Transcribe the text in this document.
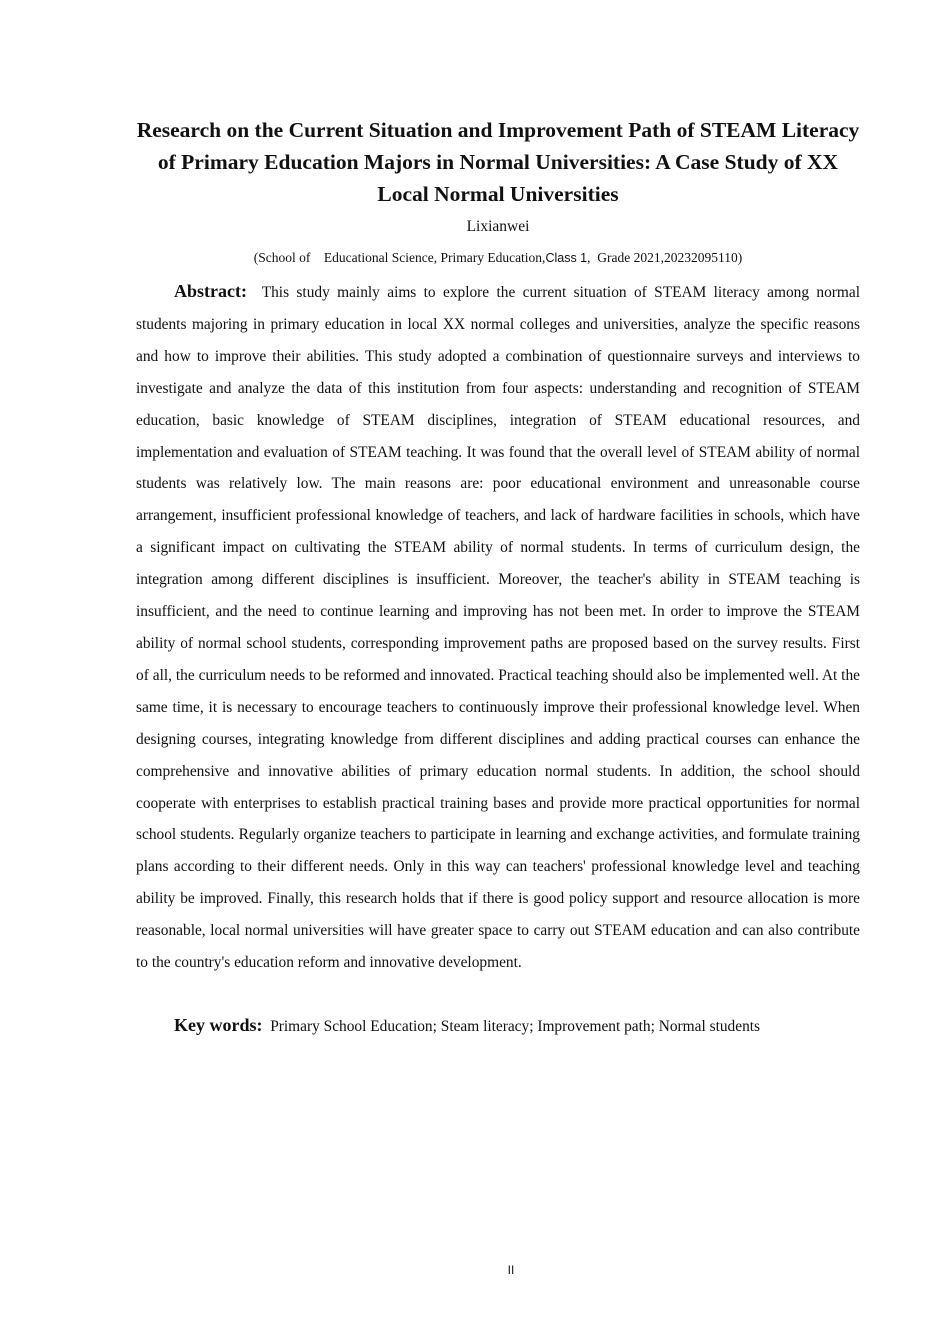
Research on the Current Situation and Improvement Path of STEAM Literacy of Primary Education Majors in Normal Universities: A Case Study of XX Local Normal Universities
Lixianwei
(School of    Educational Science, Primary Education,Class 1,  Grade 2021,20232095110)
Abstract: This study mainly aims to explore the current situation of STEAM literacy among normal students majoring in primary education in local XX normal colleges and universities, analyze the specific reasons and how to improve their abilities. This study adopted a combination of questionnaire surveys and interviews to investigate and analyze the data of this institution from four aspects: understanding and recognition of STEAM education, basic knowledge of STEAM disciplines, integration of STEAM educational resources, and implementation and evaluation of STEAM teaching. It was found that the overall level of STEAM ability of normal students was relatively low. The main reasons are: poor educational environment and unreasonable course arrangement, insufficient professional knowledge of teachers, and lack of hardware facilities in schools, which have a significant impact on cultivating the STEAM ability of normal students. In terms of curriculum design, the integration among different disciplines is insufficient. Moreover, the teacher's ability in STEAM teaching is insufficient, and the need to continue learning and improving has not been met. In order to improve the STEAM ability of normal school students, corresponding improvement paths are proposed based on the survey results. First of all, the curriculum needs to be reformed and innovated. Practical teaching should also be implemented well. At the same time, it is necessary to encourage teachers to continuously improve their professional knowledge level. When designing courses, integrating knowledge from different disciplines and adding practical courses can enhance the comprehensive and innovative abilities of primary education normal students. In addition, the school should cooperate with enterprises to establish practical training bases and provide more practical opportunities for normal school students. Regularly organize teachers to participate in learning and exchange activities, and formulate training plans according to their different needs. Only in this way can teachers' professional knowledge level and teaching ability be improved. Finally, this research holds that if there is good policy support and resource allocation is more reasonable, local normal universities will have greater space to carry out STEAM education and can also contribute to the country's education reform and innovative development.
Key words: Primary School Education; Steam literacy; Improvement path; Normal students
II
